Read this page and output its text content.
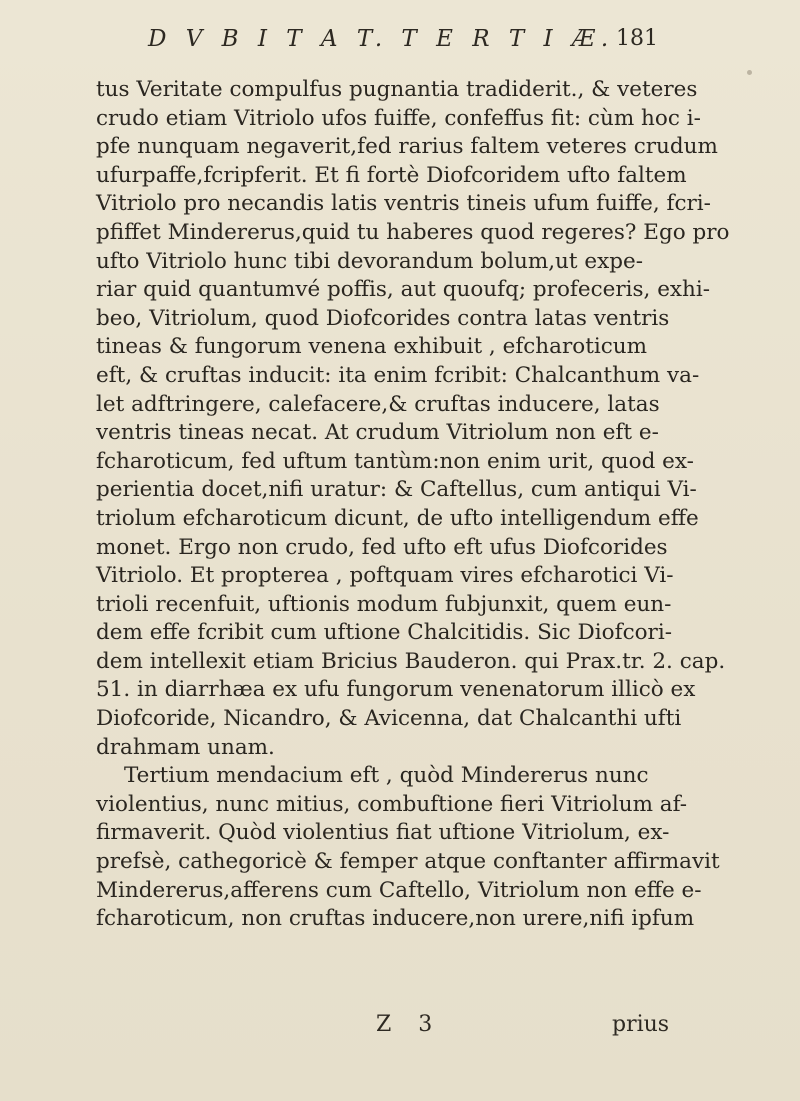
D V B I T A T. T E R T I Æ. 181
tus Veritate compulfus pugnantia tradiderit., & veteres
crudo etiam Vitriolo ufos fuiffe, confeffus fit: cùm hoc i-
pfe nunquam negaverit,fed rarius faltem veteres crudum
ufurpaffe,fcripferit. Et fi fortè Diofcoridem ufto faltem
Vitriolo pro necandis latis ventris tineis ufum fuiffe, fcri-
pfiffet Mindererus,quid tu haberes quod regeres? Ego pro
ufto Vitriolo hunc tibi devorandum bolum,ut expe-
riar quid quantumvé poffis, aut quoufq; profeceris, exhi-
beo, Vitriolum, quod Diofcorides contra latas ventris
tineas & fungorum venena exhibuit , efcharoticum
eft, & cruftas inducit: ita enim fcribit: Chalcanthum va-
let adftringere, calefacere,& cruftas inducere, latas
ventris tineas necat. At crudum Vitriolum non eft e-
fcharoticum, fed uftum tantùm:non enim urit, quod ex-
perientia docet,nifi uratur: & Caftellus, cum antiqui Vi-
triolum efcharoticum dicunt, de ufto intelligendum effe
monet. Ergo non crudo, fed ufto eft ufus Diofcorides
Vitriolo. Et propterea , poftquam vires efcharotici Vi-
trioli recenfuit, uftionis modum fubjunxit, quem eun-
dem effe fcribit cum uftione Chalcitidis. Sic Diofcori-
dem intellexit etiam Bricius Bauderon. qui Prax.tr. 2. cap.
51. in diarrhæa ex ufu fungorum venenatorum illicò ex
Diofcoride, Nicandro, & Avicenna, dat Chalcanthi ufti
drahmam unam.
Tertium mendacium eft , quòd Mindererus nunc
violentius, nunc mitius, combuftione fieri Vitriolum af-
firmaverit. Quòd violentius fiat uftione Vitriolum, ex-
prefsè, cathegoricè & femper atque conftanter affirmavit
Mindererus,afferens cum Caftello, Vitriolum non effe e-
fcharoticum, non cruftas inducere,non urere,nifi ipfum
Z 3	prius
